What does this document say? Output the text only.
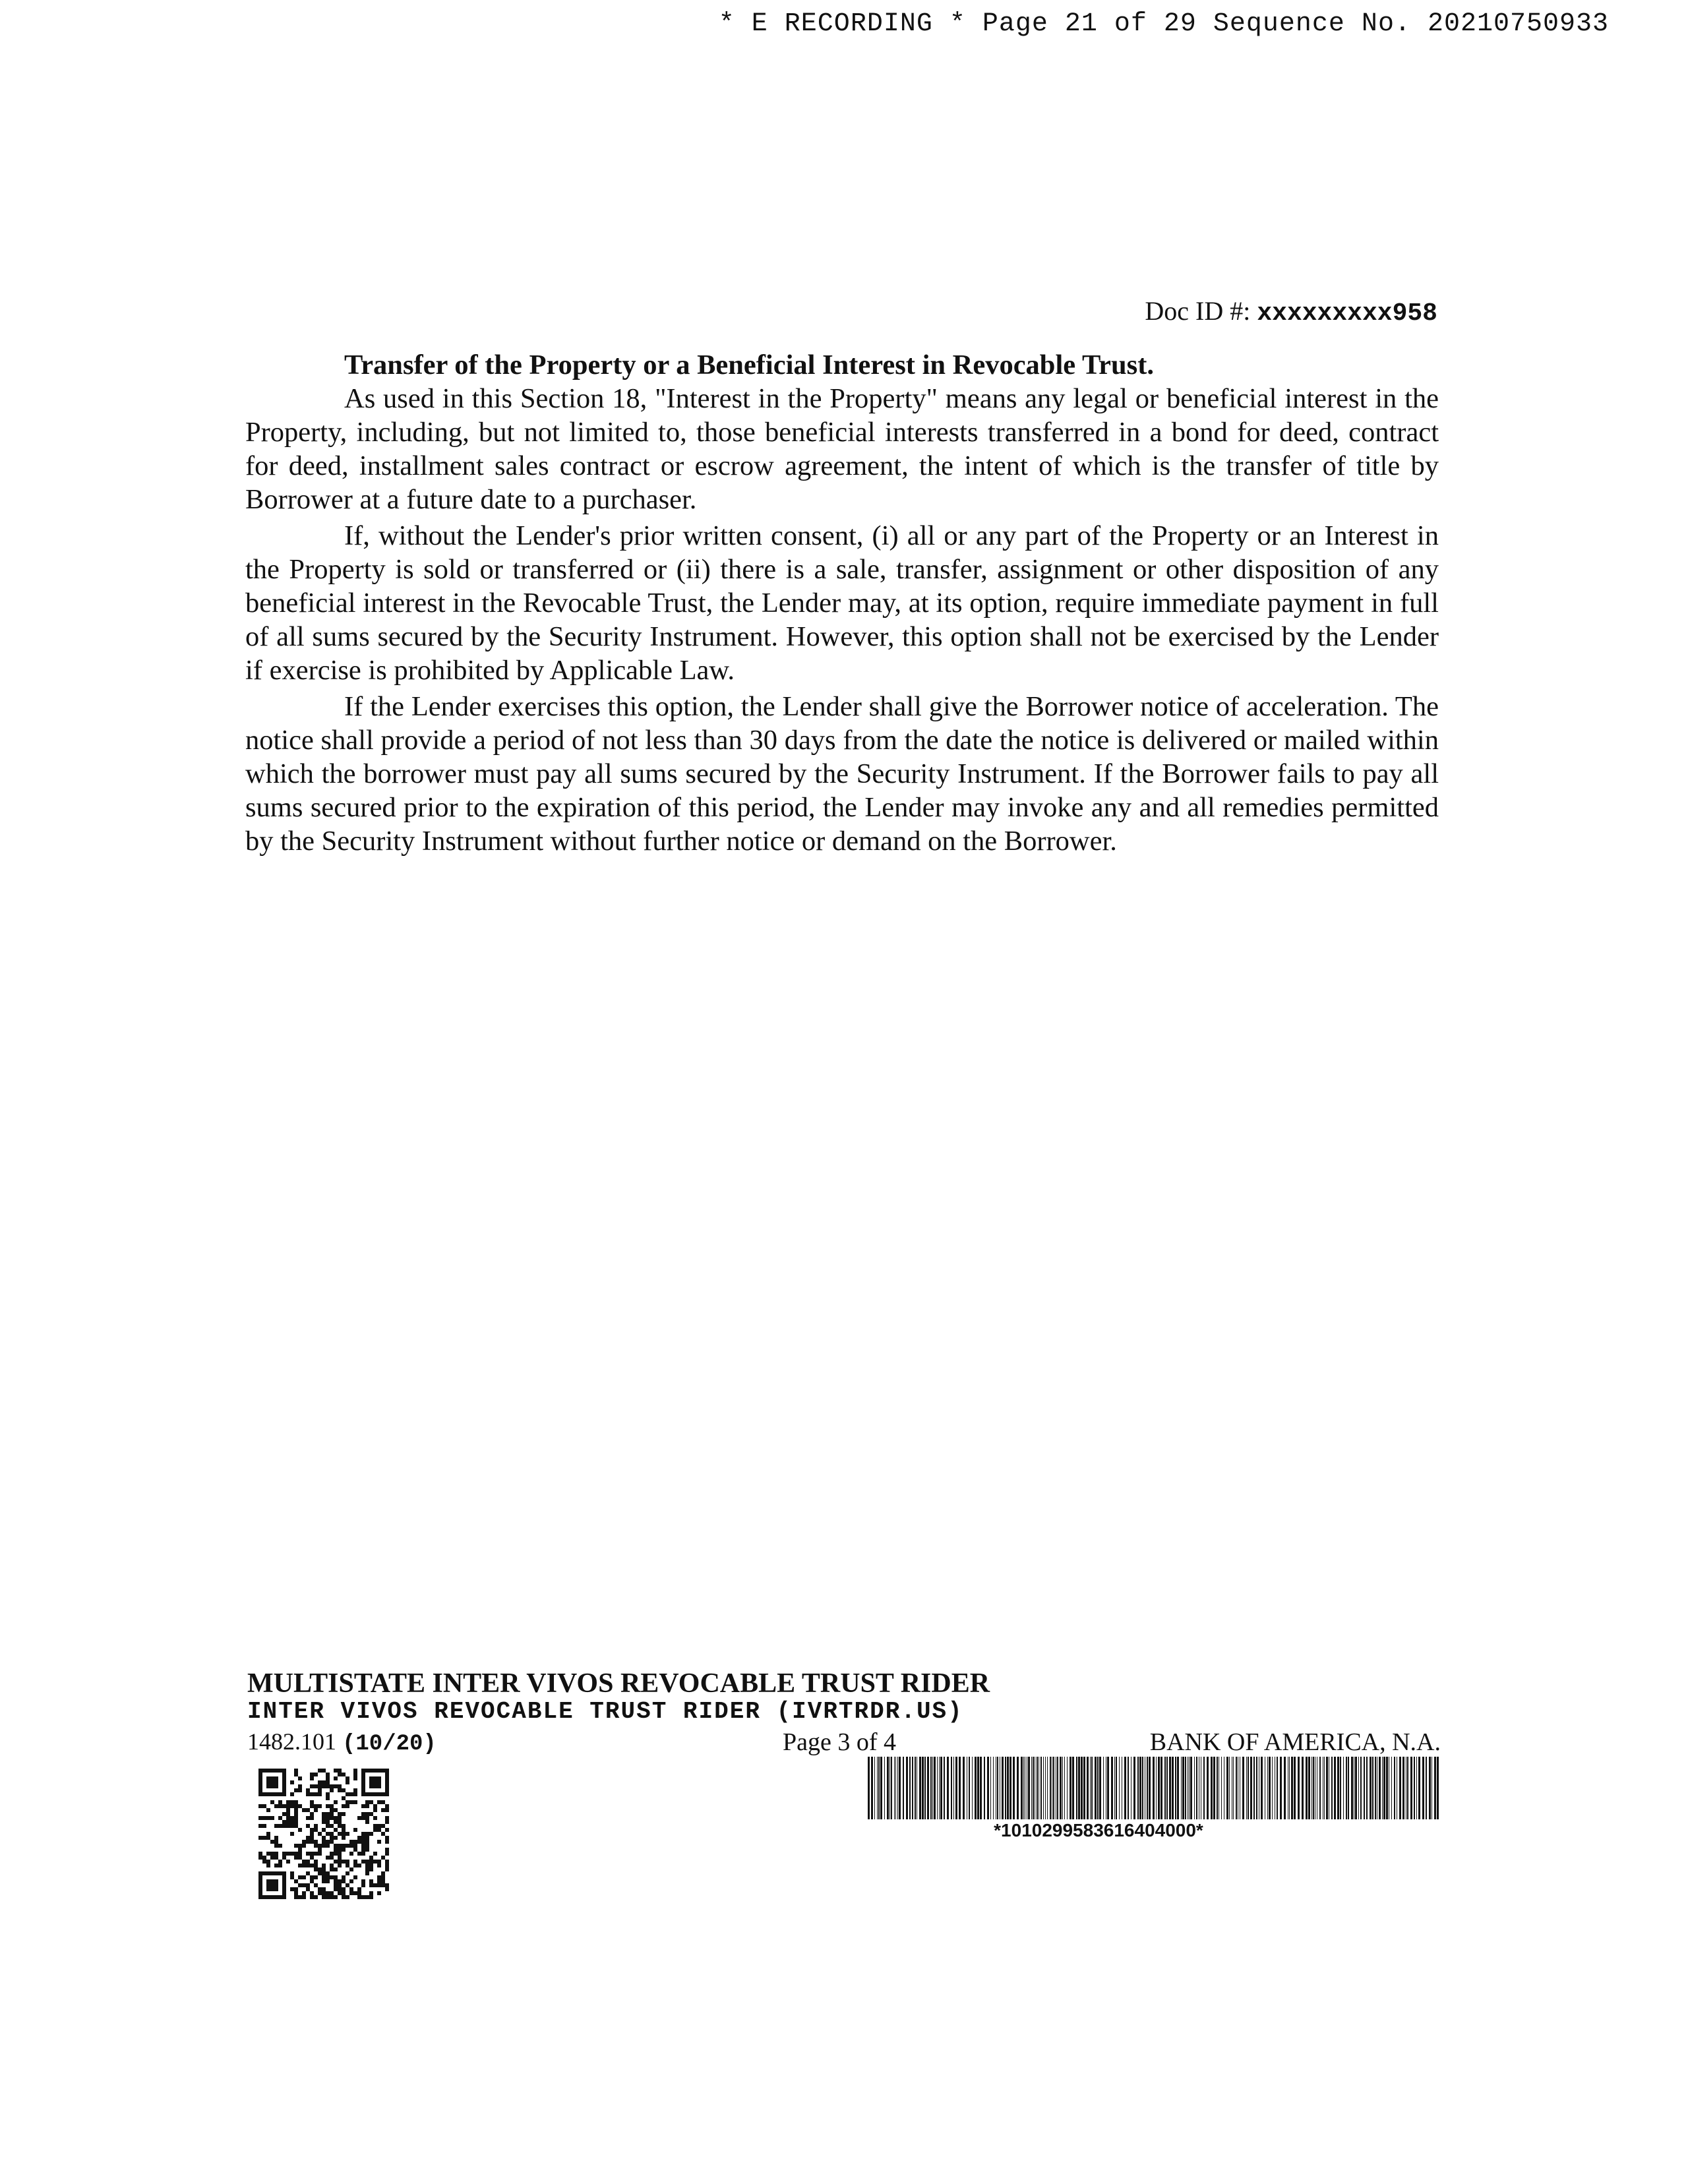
* E RECORDING * Page 21 of 29 Sequence No. 20210750933
Doc ID #: xxxxxxxxx958

Transfer of the Property or a Beneficial Interest in Revocable Trust.

As used in this Section 18, "Interest in the Property" means any legal or beneficial interest in the Property, including, but not limited to, those beneficial interests transferred in a bond for deed, contract for deed, installment sales contract or escrow agreement, the intent of which is the transfer of title by Borrower at a future date to a purchaser.

If, without the Lender's prior written consent, (i) all or any part of the Property or an Interest in the Property is sold or transferred or (ii) there is a sale, transfer, assignment or other disposition of any beneficial interest in the Revocable Trust, the Lender may, at its option, require immediate payment in full of all sums secured by the Security Instrument. However, this option shall not be exercised by the Lender if exercise is prohibited by Applicable Law.

If the Lender exercises this option, the Lender shall give the Borrower notice of acceleration. The notice shall provide a period of not less than 30 days from the date the notice is delivered or mailed within which the borrower must pay all sums secured by the Security Instrument. If the Borrower fails to pay all sums secured prior to the expiration of this period, the Lender may invoke any and all remedies permitted by the Security Instrument without further notice or demand on the Borrower.

MULTISTATE INTER VIVOS REVOCABLE TRUST RIDER
INTER VIVOS REVOCABLE TRUST RIDER (IVRTRDR.US)
1482.101 (10/20)	Page 3 of 4	BANK OF AMERICA, N.A.
*1010299583616404000*
